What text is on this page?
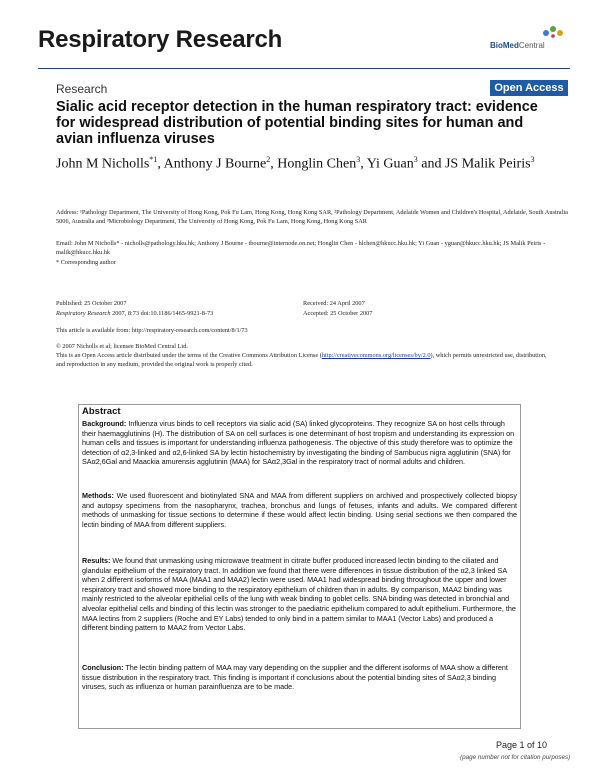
Respiratory Research	BioMedCentral
Research	Open Access
Sialic acid receptor detection in the human respiratory tract: evidence for widespread distribution of potential binding sites for human and avian influenza viruses
John M Nicholls$^{*1}$, Anthony J Bourne$^2$, Honglin Chen$^3$, Yi Guan$^3$ and JS Malik Peiris$^3$
Address: ¹Pathology Department, The University of Hong Kong, Pok Fu Lam, Hong Kong, Hong Kong SAR, ²Pathology Department, Adelaide Women and Children's Hospital, Adelaide, South Australia 5006, Australia and ³Microbiology Department, The University of Hong Kong, Pok Fu Lam, Hong Kong, Hong Kong SAR
Email: John M Nicholls* - nicholls@pathology.hku.hk; Anthony J Bourne - tbourne@internode.on.net; Honglin Chen - hlchen@hkucc.hku.hk; Yi Guan - yguan@hkucc.hku.hk; JS Malik Peiris - malik@hkucc.hku.hk
* Corresponding author
Published: 25 October 2007	Received: 24 April 2007
Respiratory Research 2007, 8:73 doi:10.1186/1465-9921-8-73	Accepted: 25 October 2007
This article is available from: http://respiratory-research.com/content/8/1/73
© 2007 Nicholls et al; licensee BioMed Central Ltd.
This is an Open Access article distributed under the terms of the Creative Commons Attribution License (http://creativecommons.org/licenses/by/2.0), which permits unrestricted use, distribution, and reproduction in any medium, provided the original work is properly cited.
Abstract
Background: Influenza virus binds to cell receptors via sialic acid (SA) linked glycoproteins. They recognize SA on host cells through their haemagglutinins (H). The distribution of SA on cell surfaces is one determinant of host tropism and understanding its expression on human cells and tissues is important for understanding influenza pathogenesis. The objective of this study therefore was to optimize the detection of α2,3-linked and α2,6-linked SA by lectin histochemistry by investigating the binding of Sambucus nigra agglutinin (SNA) for SAα2,6Gal and Maackia amurensis agglutinin (MAA) for SAα2,3Gal in the respiratory tract of normal adults and children.
Methods: We used fluorescent and biotinylated SNA and MAA from different suppliers on archived and prospectively collected biopsy and autopsy specimens from the nasopharynx, trachea, bronchus and lungs of fetuses, infants and adults. We compared different methods of unmasking for tissue sections to determine if these would affect lectin binding. Using serial sections we then compared the lectin binding of MAA from different suppliers.
Results: We found that unmasking using microwave treatment in citrate buffer produced increased lectin binding to the ciliated and glandular epithelium of the respiratory tract. In addition we found that there were differences in tissue distribution of the α2,3 linked SA when 2 different isoforms of MAA (MAA1 and MAA2) lectin were used. MAA1 had widespread binding throughout the upper and lower respiratory tract and showed more binding to the respiratory epithelium of children than in adults. By comparison, MAA2 binding was mainly restricted to the alveolar epithelial cells of the lung with weak binding to goblet cells. SNA binding was detected in bronchial and alveolar epithelial cells and binding of this lectin was stronger to the paediatric epithelium compared to adult epithelium. Furthermore, the MAA lectins from 2 suppliers (Roche and EY Labs) tended to only bind in a pattern similar to MAA1 (Vector Labs) and produced a different binding pattern to MAA2 from Vector Labs.
Conclusion: The lectin binding pattern of MAA may vary depending on the supplier and the different isoforms of MAA show a different tissue distribution in the respiratory tract. This finding is important if conclusions about the potential binding sites of SAα2,3 binding viruses, such as influenza or human parainfluenza are to be made.
Page 1 of 10
(page number not for citation purposes)
